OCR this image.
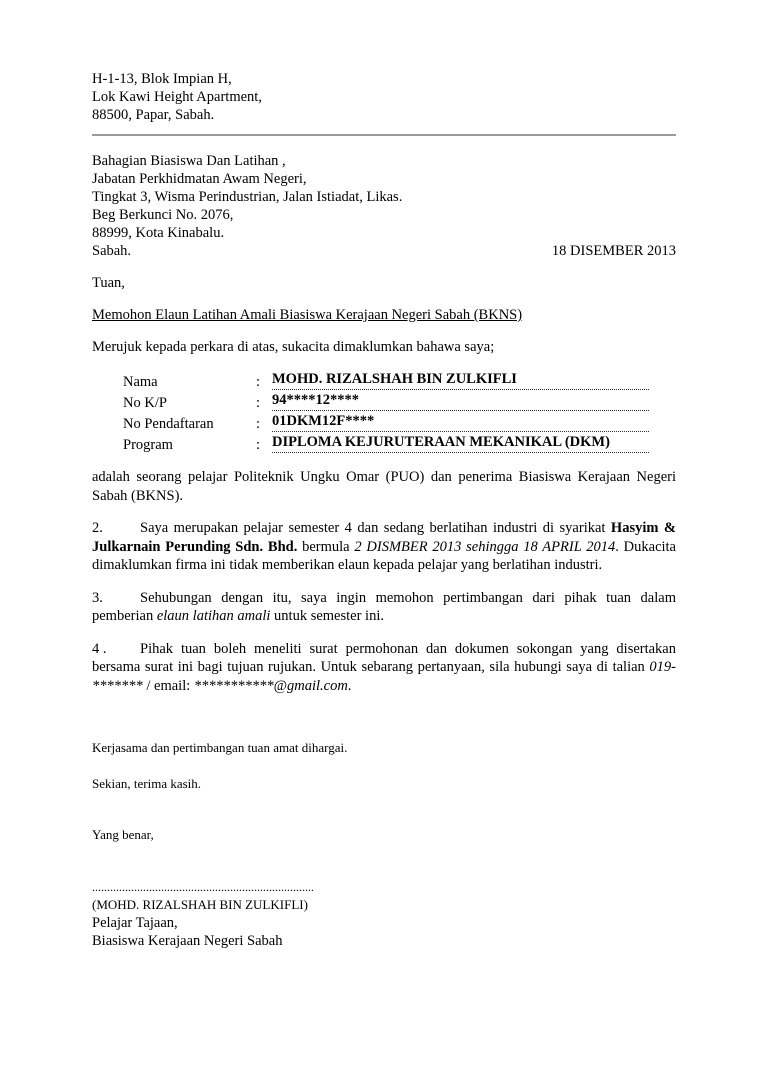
H-1-13, Blok Impian H,
Lok Kawi Height Apartment,
88500, Papar, Sabah.
Bahagian Biasiswa Dan Latihan ,
Jabatan Perkhidmatan Awam Negeri,
Tingkat 3, Wisma Perindustrian, Jalan Istiadat, Likas.
Beg Berkunci No. 2076,
88999, Kota Kinabalu.
Sabah.	18 DISEMBER 2013
Tuan,
Memohon Elaun Latihan Amali Biasiswa Kerajaan Negeri Sabah (BKNS)
Merujuk kepada perkara di atas, sukacita dimaklumkan bahawa saya;
Nama	: MOHD. RIZALSHAH BIN ZULKIFLI
No K/P	: 94****12****
No Pendaftaran	: 01DKM12F****
Program	: DIPLOMA KEJURUTERAAN MEKANIKAL (DKM)
adalah seorang pelajar Politeknik Ungku Omar (PUO) dan penerima Biasiswa Kerajaan Negeri Sabah (BKNS).
2.	Saya merupakan pelajar semester 4 dan sedang berlatihan industri di syarikat Hasyim & Julkarnain Perunding Sdn. Bhd. bermula 2 DISMBER 2013 sehingga 18 APRIL 2014. Dukacita dimaklumkan firma ini tidak memberikan elaun kepada pelajar yang berlatihan industri.
3.	Sehubungan dengan itu, saya ingin memohon pertimbangan dari pihak tuan dalam pemberian elaun latihan amali untuk semester ini.
4 . Pihak tuan boleh meneliti surat permohonan dan dokumen sokongan yang disertakan bersama surat ini bagi tujuan rujukan. Untuk sebarang pertanyaan, sila hubungi saya di talian 019-******* / email: ***********@gmail.com.
Kerjasama dan pertimbangan tuan amat dihargai.
Sekian, terima kasih.
Yang benar,
..........................................................................
(MOHD. RIZALSHAH BIN ZULKIFLI)
Pelajar Tajaan,
Biasiswa Kerajaan Negeri Sabah
